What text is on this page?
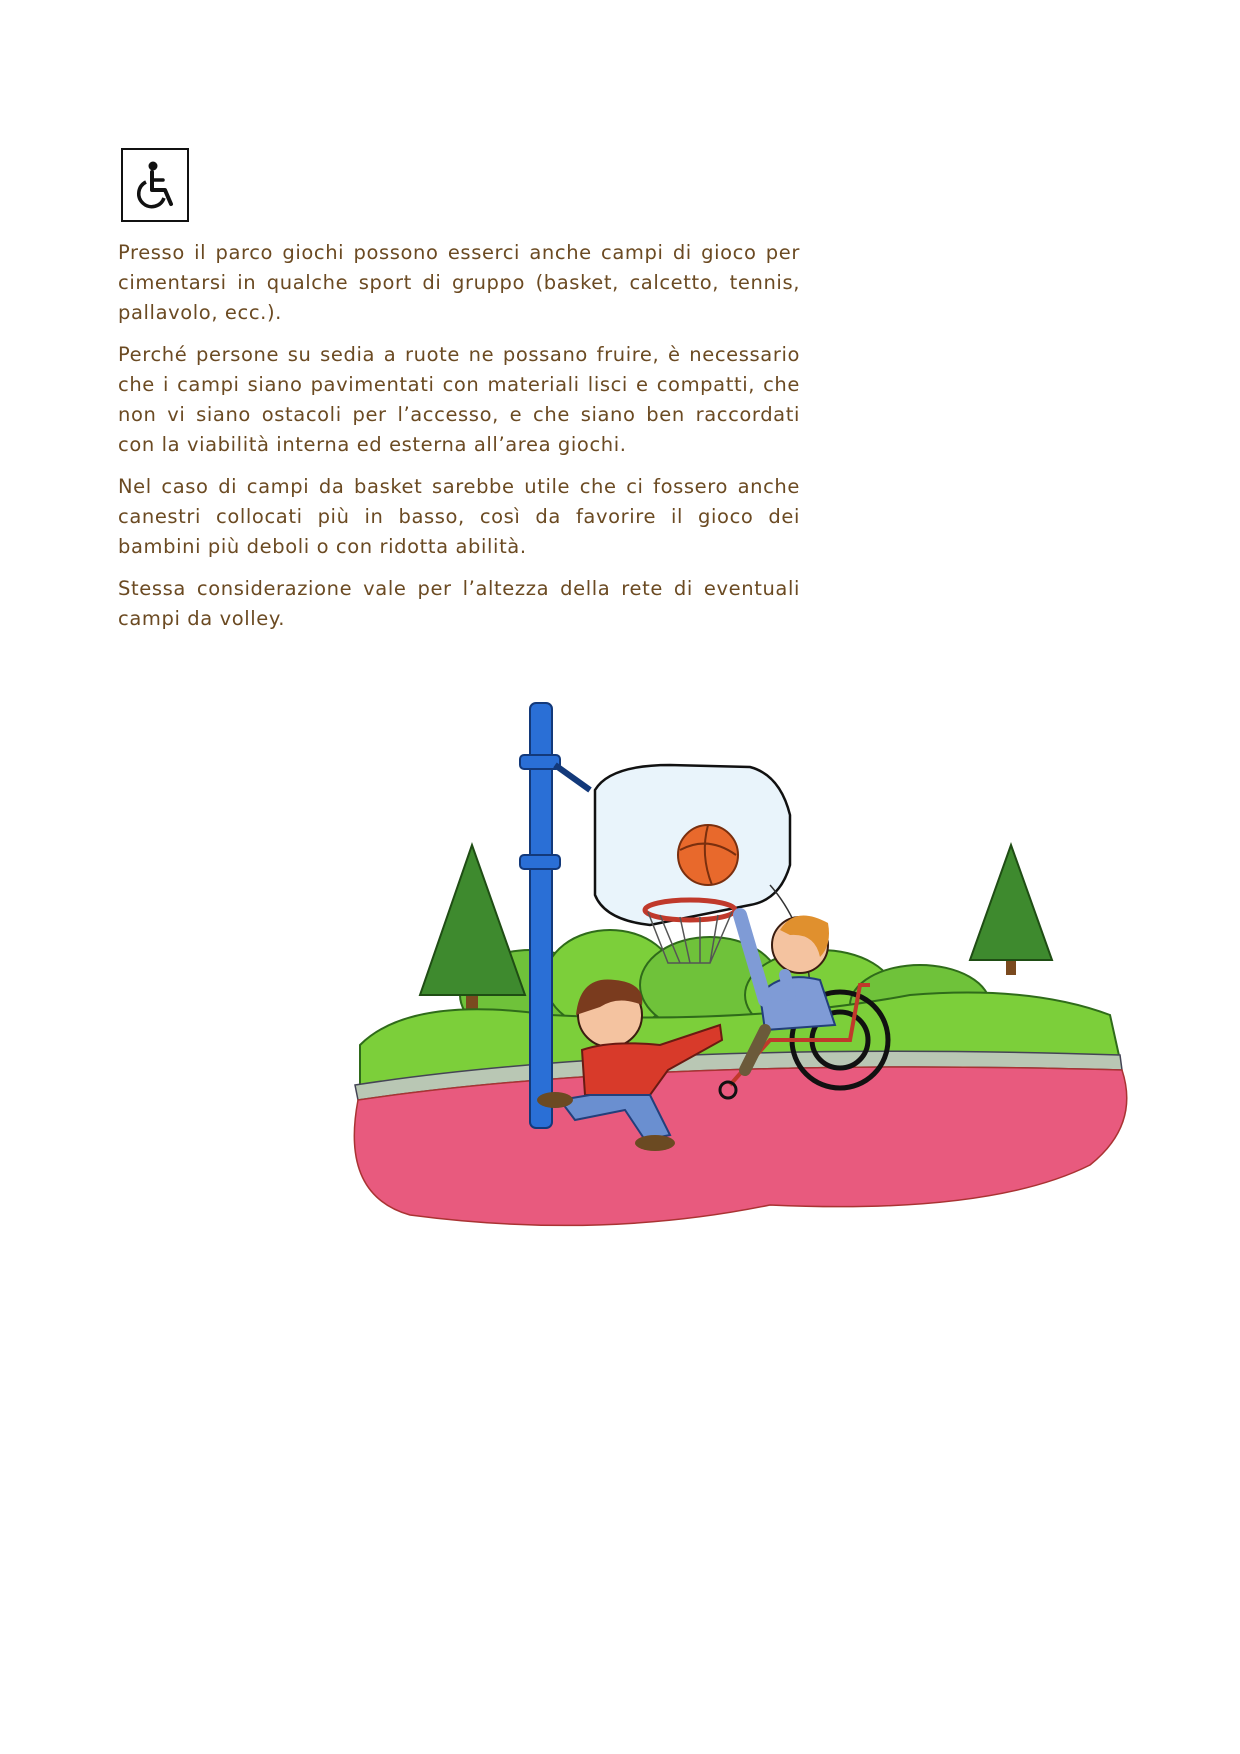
Presso il parco giochi possono esserci anche campi di gioco per cimentarsi in qualche sport di gruppo (basket, calcetto, tennis, pallavolo, ecc.).

Perché persone su sedia a ruote ne possano fruire, è necessario che i campi siano pavimentati con materiali lisci e compatti, che non vi siano ostacoli per l’accesso, e che siano ben raccordati con la viabilità interna ed esterna all’area giochi.

Nel caso di campi da basket sarebbe utile che ci fossero anche canestri collocati più in basso, così da favorire il gioco dei bambini più deboli o con ridotta abilità.

Stessa considerazione vale per l’altezza della rete di eventuali campi da volley.
